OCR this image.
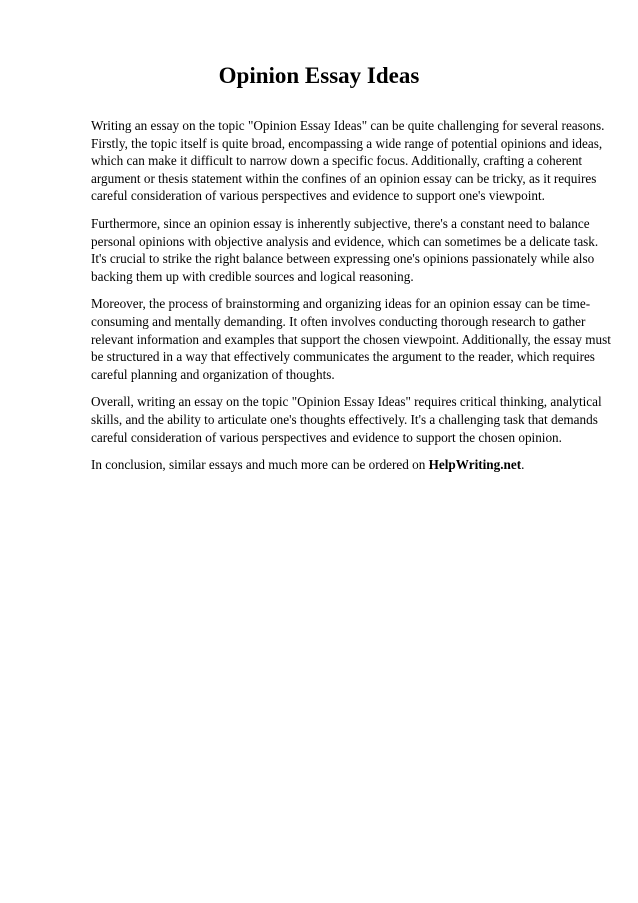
Opinion Essay Ideas

Writing an essay on the topic "Opinion Essay Ideas" can be quite challenging for several reasons. Firstly, the topic itself is quite broad, encompassing a wide range of potential opinions and ideas, which can make it difficult to narrow down a specific focus. Additionally, crafting a coherent argument or thesis statement within the confines of an opinion essay can be tricky, as it requires careful consideration of various perspectives and evidence to support one's viewpoint.

Furthermore, since an opinion essay is inherently subjective, there's a constant need to balance personal opinions with objective analysis and evidence, which can sometimes be a delicate task. It's crucial to strike the right balance between expressing one's opinions passionately while also backing them up with credible sources and logical reasoning.

Moreover, the process of brainstorming and organizing ideas for an opinion essay can be time-consuming and mentally demanding. It often involves conducting thorough research to gather relevant information and examples that support the chosen viewpoint. Additionally, the essay must be structured in a way that effectively communicates the argument to the reader, which requires careful planning and organization of thoughts.

Overall, writing an essay on the topic "Opinion Essay Ideas" requires critical thinking, analytical skills, and the ability to articulate one's thoughts effectively. It's a challenging task that demands careful consideration of various perspectives and evidence to support the chosen opinion.

In conclusion, similar essays and much more can be ordered on HelpWriting.net.
